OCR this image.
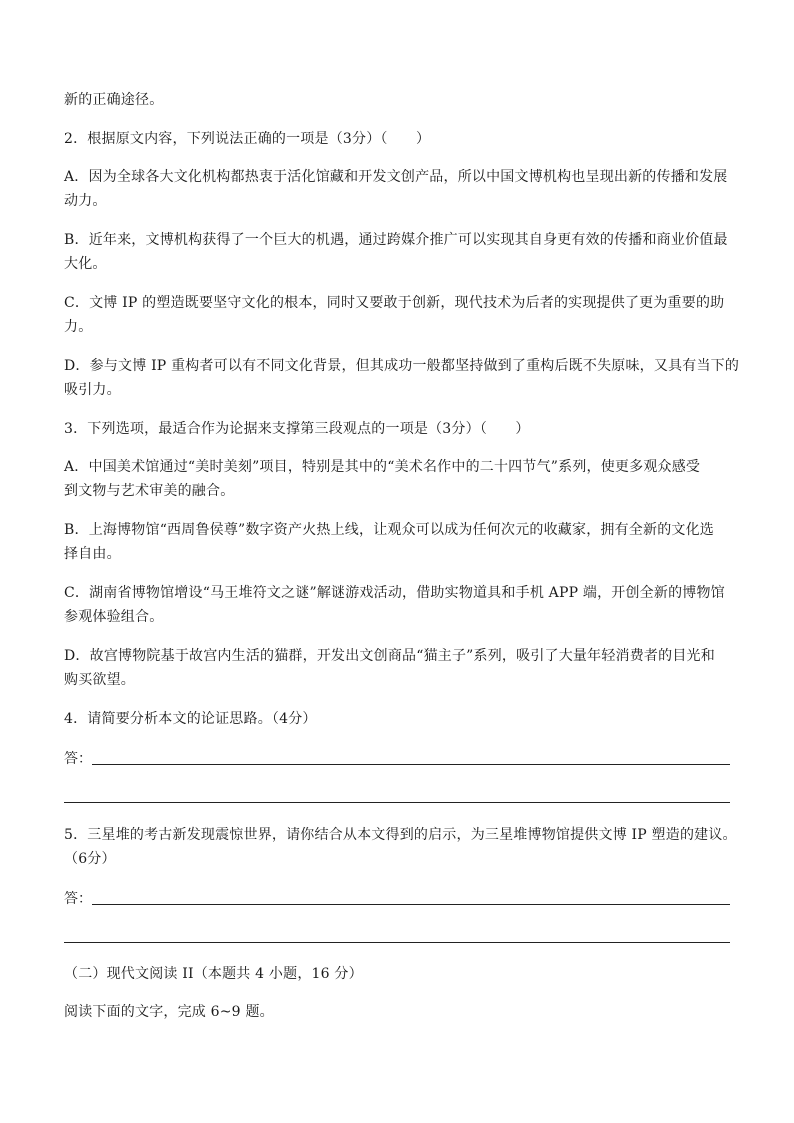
新的正确途径。
2．根据原文内容，下列说法正确的一项是（3分）（　　）
A．因为全球各大文化机构都热衷于活化馆藏和开发文创产品，所以中国文博机构也呈现出新的传播和发展
动力。
B．近年来，文博机构获得了一个巨大的机遇，通过跨媒介推广可以实现其自身更有效的传播和商业价值最
大化。
C．文博 IP 的塑造既要坚守文化的根本，同时又要敢于创新，现代技术为后者的实现提供了更为重要的助
力。
D．参与文博 IP 重构者可以有不同文化背景，但其成功一般都坚持做到了重构后既不失原味，又具有当下的
吸引力。
3．下列选项，最适合作为论据来支撑第三段观点的一项是（3分）（　　）
A．中国美术馆通过“美时美刻”项目，特别是其中的“美术名作中的二十四节气”系列，使更多观众感受
到文物与艺术审美的融合。
B．上海博物馆“西周鲁侯尊”数字资产火热上线，让观众可以成为任何次元的收藏家，拥有全新的文化选
择自由。
C．湖南省博物馆增设“马王堆符文之谜”解谜游戏活动，借助实物道具和手机 APP 端，开创全新的博物馆
参观体验组合。
D．故宫博物院基于故宫内生活的猫群，开发出文创商品“猫主子”系列，吸引了大量年轻消费者的目光和
购买欲望。
4．请简要分析本文的论证思路。（4分）
答：
5．三星堆的考古新发现震惊世界，请你结合从本文得到的启示，为三星堆博物馆提供文博 IP 塑造的建议。
（6分）
答：
（二）现代文阅读 II（本题共 4 小题，16 分）
阅读下面的文字，完成 6~9 题。
